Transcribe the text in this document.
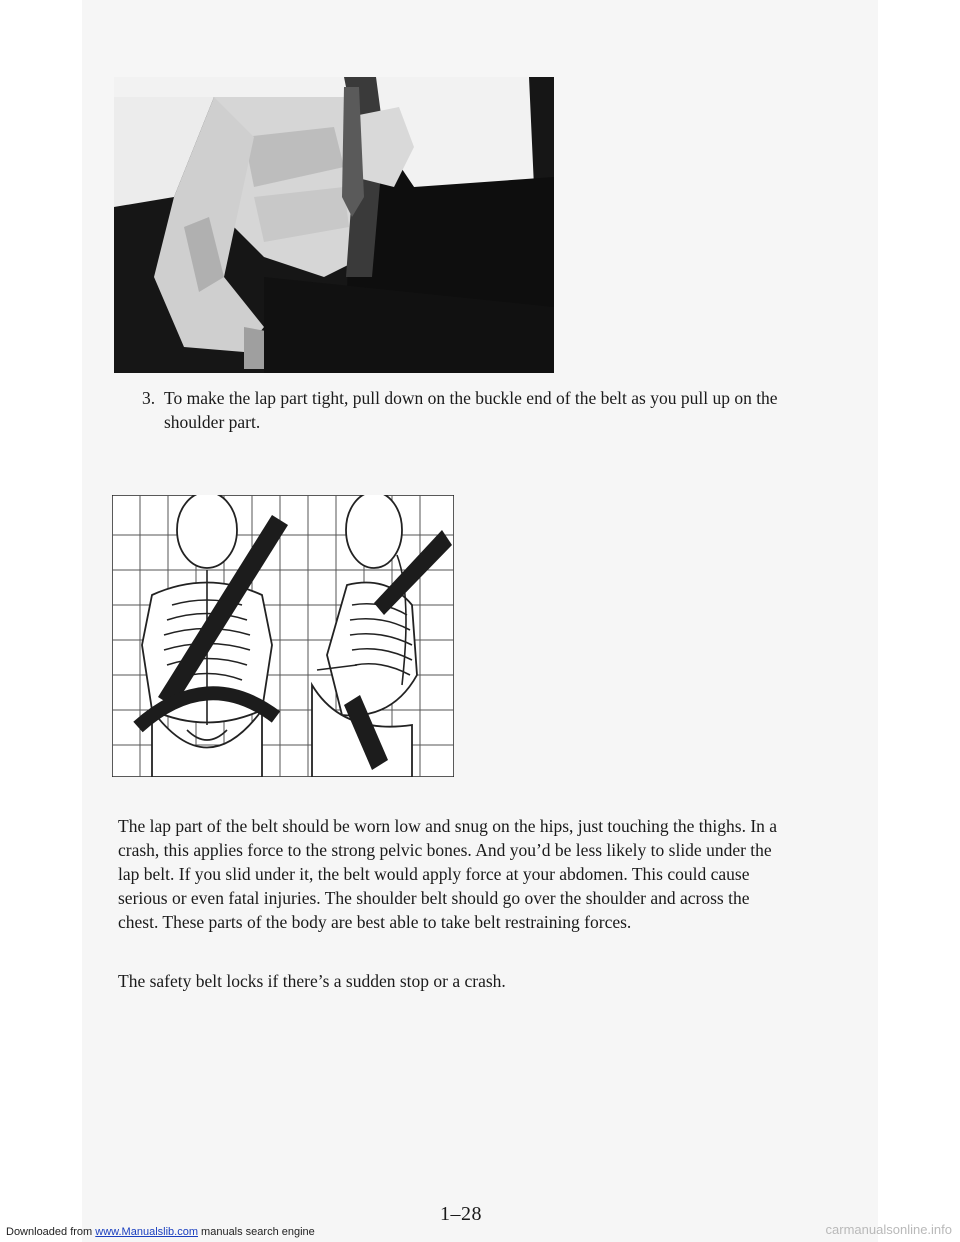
3. To make the lap part tight, pull down on the buckle end of the belt as you pull up on the shoulder part.

The lap part of the belt should be worn low and snug on the hips, just touching the thighs. In a crash, this applies force to the strong pelvic bones. And you’d be less likely to slide under the lap belt. If you slid under it, the belt would apply force at your abdomen. This could cause serious or even fatal injuries. The shoulder belt should go over the shoulder and across the chest. These parts of the body are best able to take belt restraining forces.

The safety belt locks if there’s a sudden stop or a crash.

1–28
Downloaded from www.Manualslib.com manuals search engine	carmanualsonline.info
